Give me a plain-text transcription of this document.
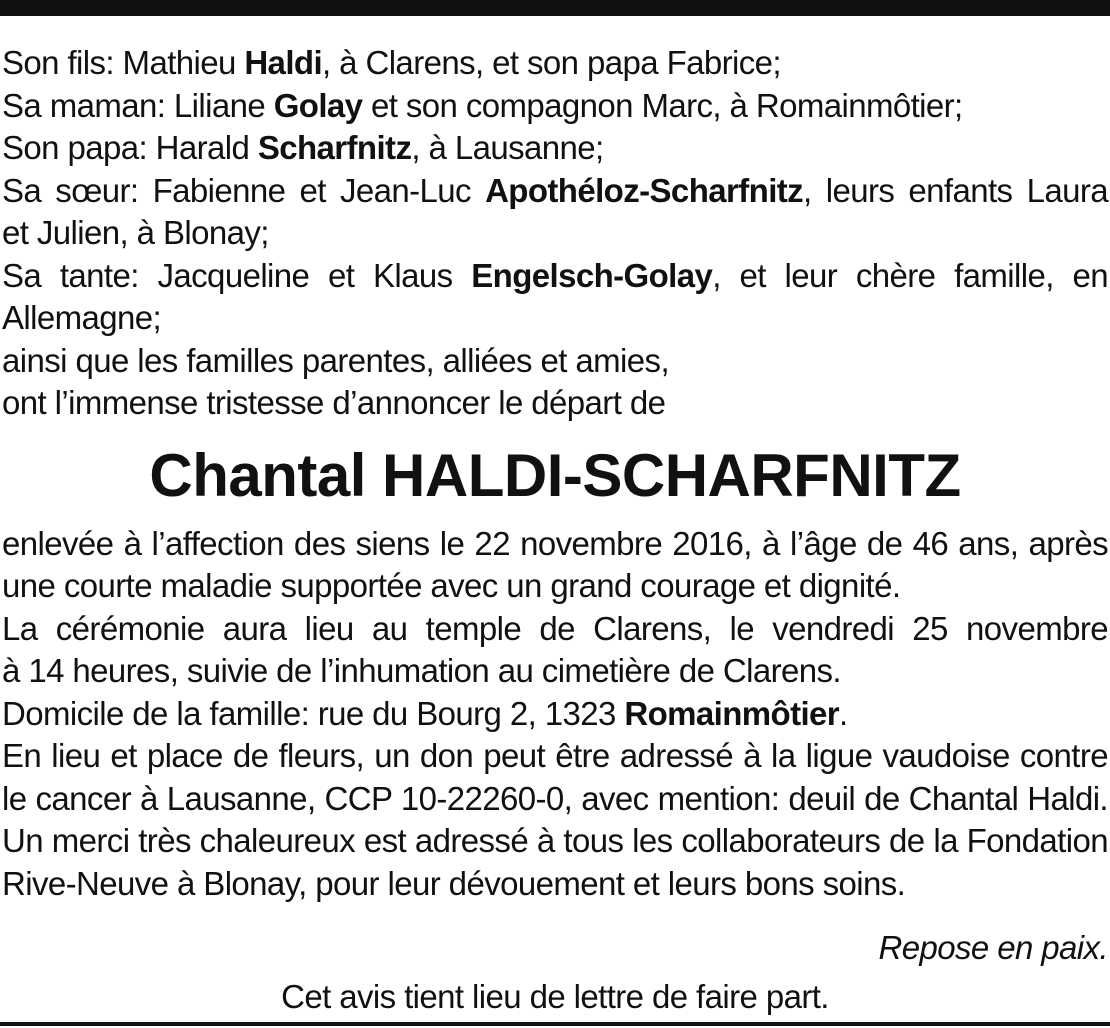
Son fils: Mathieu Haldi, à Clarens, et son papa Fabrice;
Sa maman: Liliane Golay et son compagnon Marc, à Romainmôtier;
Son papa: Harald Scharfnitz, à Lausanne;
Sa sœur: Fabienne et Jean-Luc Apothéloz-Scharfnitz, leurs enfants Laura
et Julien, à Blonay;
Sa tante: Jacqueline et Klaus Engelsch-Golay, et leur chère famille, en
Allemagne;
ainsi que les familles parentes, alliées et amies,
ont l’immense tristesse d’annoncer le départ de
Chantal HALDI-SCHARFNITZ
enlevée à l’affection des siens le 22 novembre 2016, à l’âge de 46 ans, après
une courte maladie supportée avec un grand courage et dignité.
La cérémonie aura lieu au temple de Clarens, le vendredi 25 novembre
à 14 heures, suivie de l’inhumation au cimetière de Clarens.
Domicile de la famille: rue du Bourg 2, 1323 Romainmôtier.
En lieu et place de fleurs, un don peut être adressé à la ligue vaudoise contre
le cancer à Lausanne, CCP 10-22260-0, avec mention: deuil de Chantal Haldi.
Un merci très chaleureux est adressé à tous les collaborateurs de la Fondation
Rive-Neuve à Blonay, pour leur dévouement et leurs bons soins.
Repose en paix.
Cet avis tient lieu de lettre de faire part.
